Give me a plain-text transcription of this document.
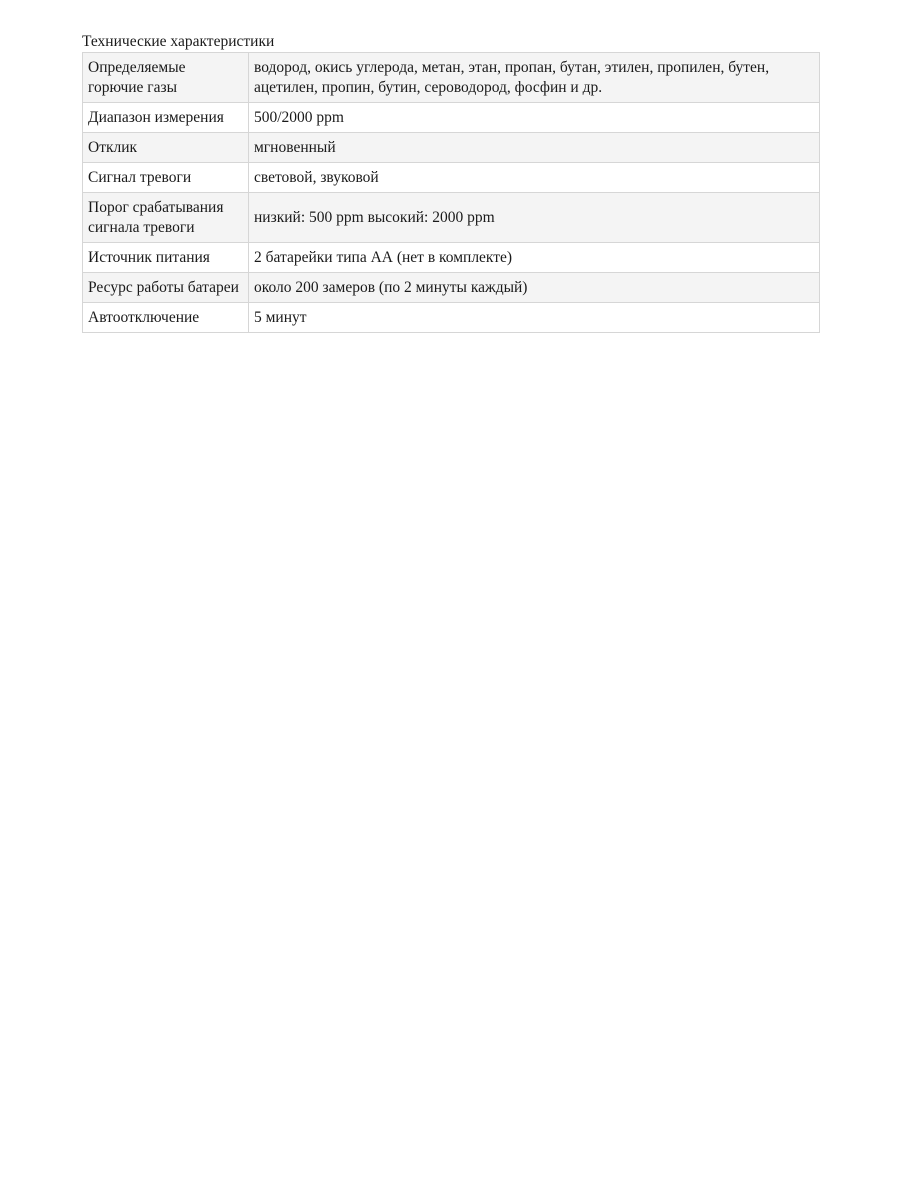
Технические характеристики
Определяемые горючие газы	водород, окись углерода, метан, этан, пропан, бутан, этилен, пропилен, бутен, ацетилен, пропин, бутин, сероводород, фосфин и др.
Диапазон измерения	500/2000 ppm
Отклик	мгновенный
Сигнал тревоги	световой, звуковой
Порог срабатывания сигнала тревоги	низкий: 500 ppm высокий: 2000 ppm
Источник питания	2 батарейки типа АА (нет в комплекте)
Ресурс работы батареи	около 200 замеров (по 2 минуты каждый)
Автоотключение	5 минут
